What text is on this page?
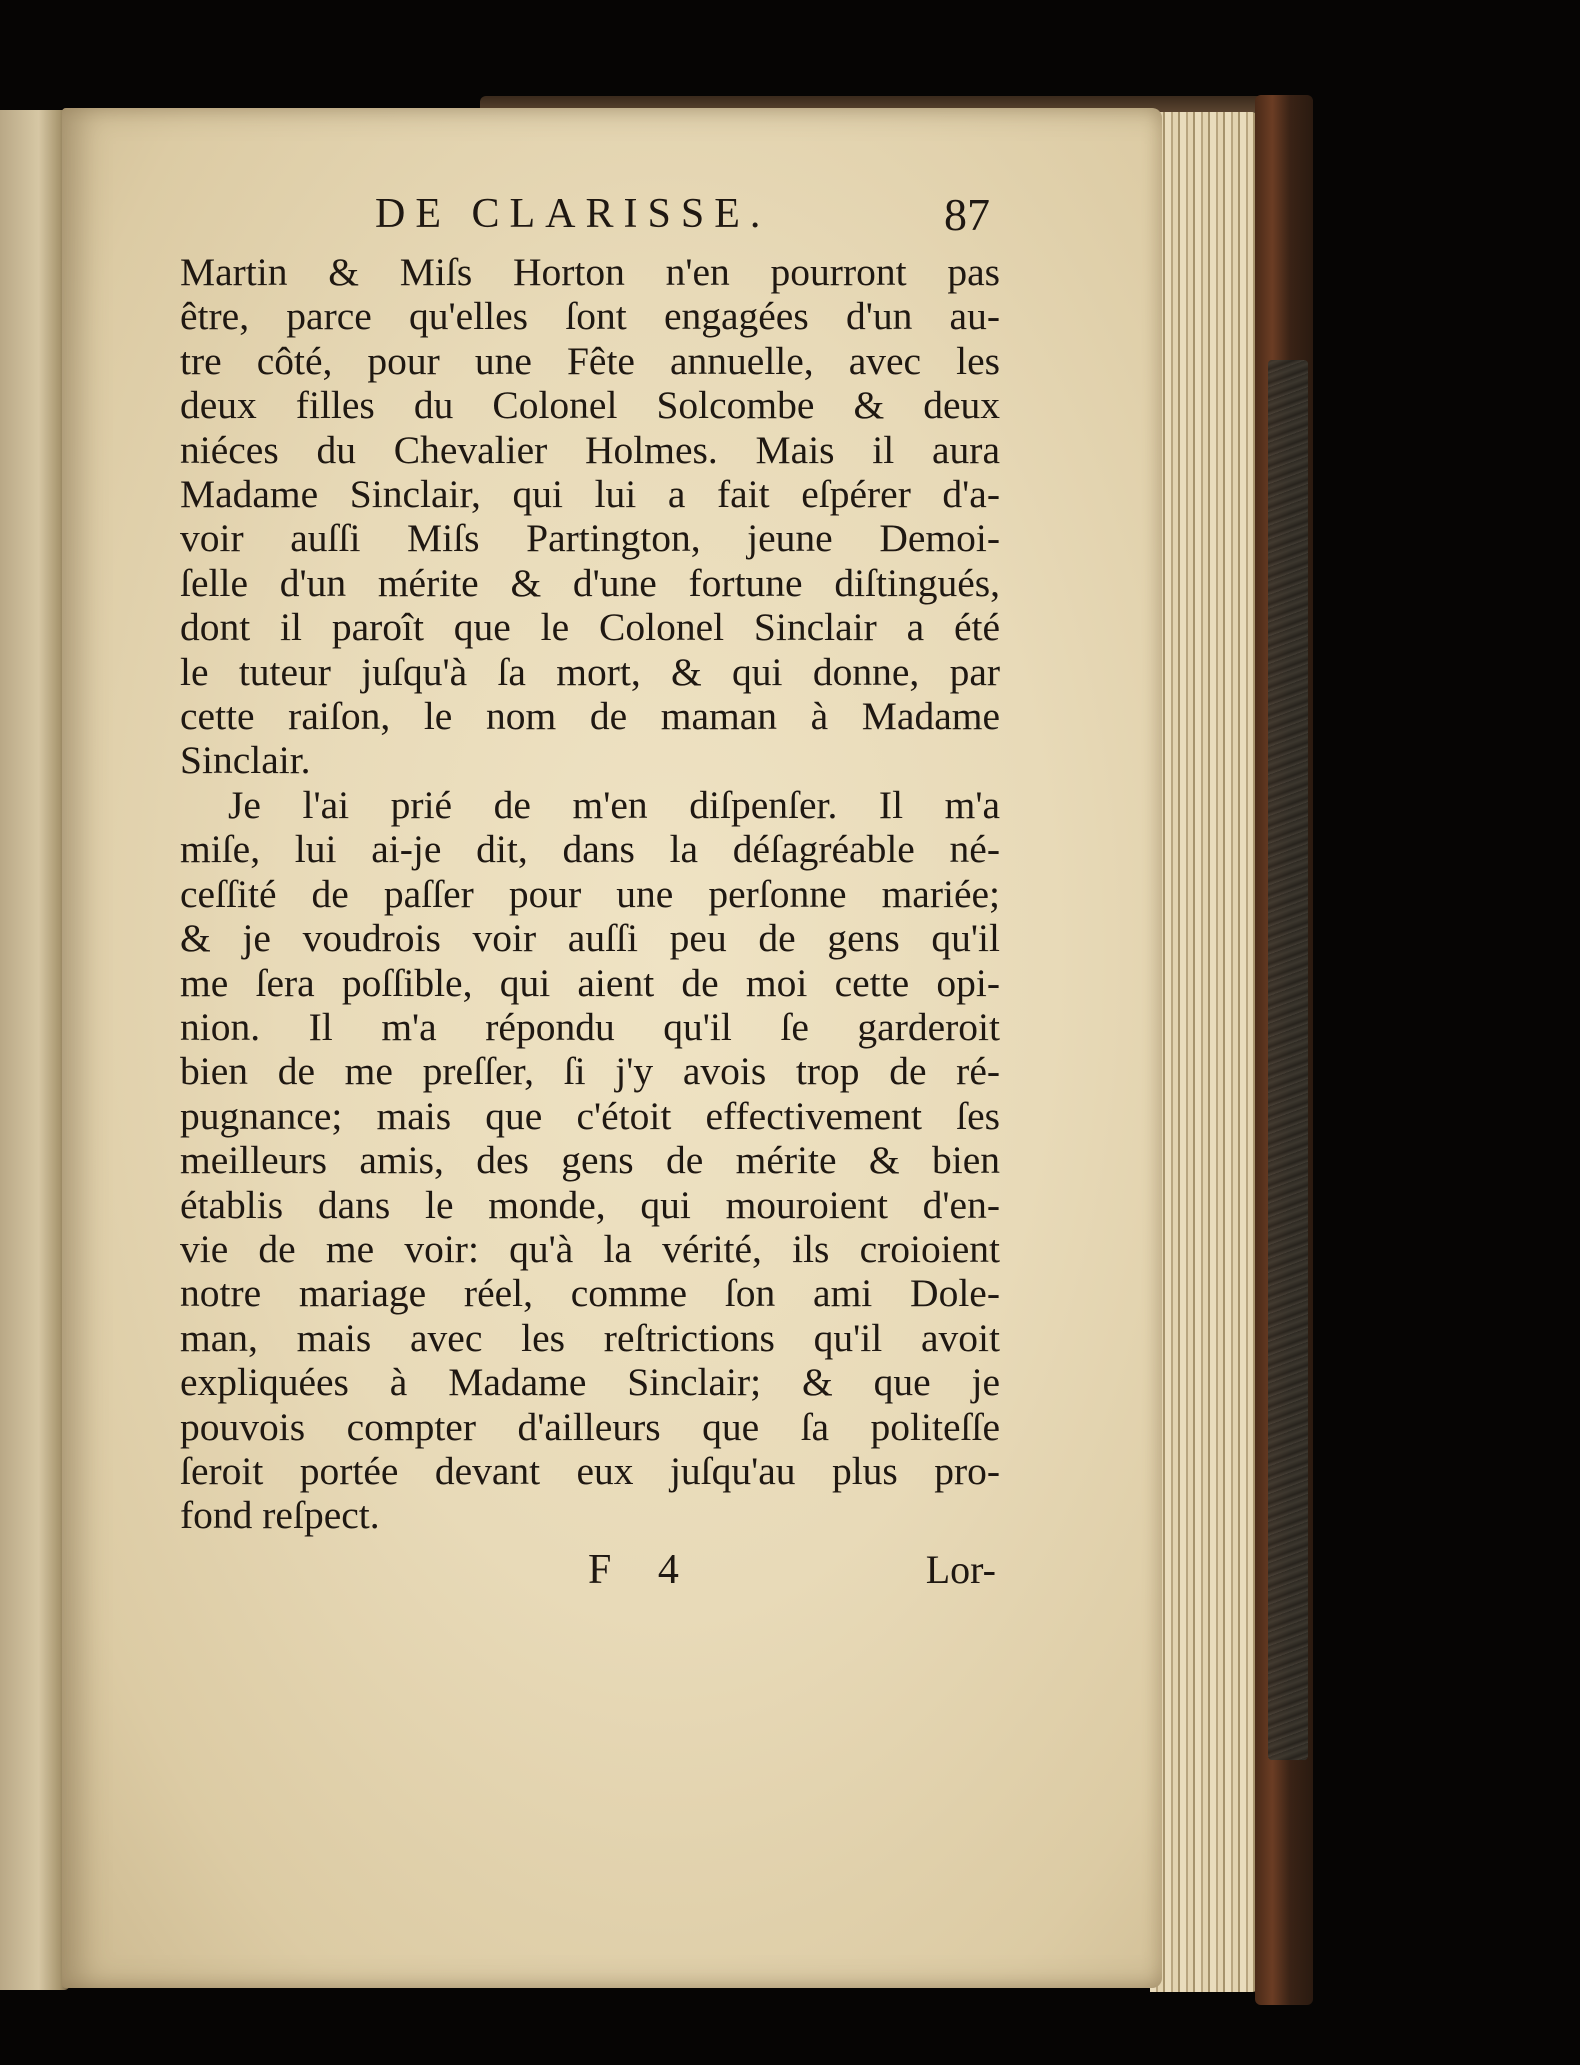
DE CLARISSE.	87
Martin & Miſs Horton n'en pourront pas
être, parce qu'elles ſont engagées d'un au-
tre côté, pour une Fête annuelle, avec les
deux filles du Colonel Solcombe & deux
niéces du Chevalier Holmes. Mais il aura
Madame Sinclair, qui lui a fait eſpérer d'a-
voir auſſi Miſs Partington, jeune Demoi-
ſelle d'un mérite & d'une fortune diſtingués,
dont il paroît que le Colonel Sinclair a été
le tuteur juſqu'à ſa mort, & qui donne, par
cette raiſon, le nom de maman à Madame
Sinclair.
Je l'ai prié de m'en diſpenſer. Il m'a
miſe, lui ai-je dit, dans la déſagréable né-
ceſſité de paſſer pour une perſonne mariée;
& je voudrois voir auſſi peu de gens qu'il
me ſera poſſible, qui aient de moi cette opi-
nion. Il m'a répondu qu'il ſe garderoit
bien de me preſſer, ſi j'y avois trop de ré-
pugnance; mais que c'étoit effectivement ſes
meilleurs amis, des gens de mérite & bien
établis dans le monde, qui mouroient d'en-
vie de me voir: qu'à la vérité, ils croioient
notre mariage réel, comme ſon ami Dole-
man, mais avec les reſtrictions qu'il avoit
expliquées à Madame Sinclair; & que je
pouvois compter d'ailleurs que ſa politeſſe
ſeroit portée devant eux juſqu'au plus pro-
fond reſpect.
F 4	Lor-
